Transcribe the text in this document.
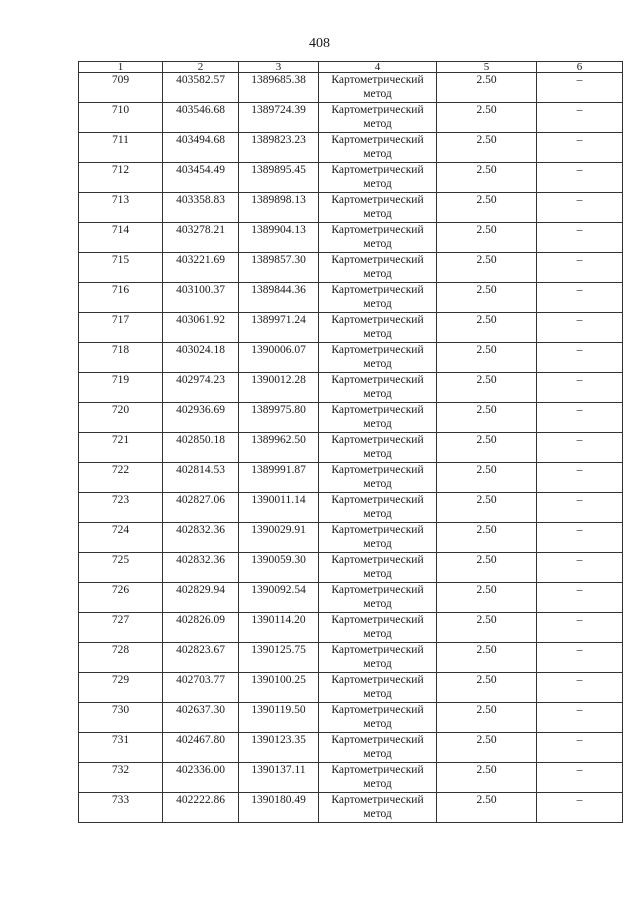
408
1	2	3	4	5	6
709	403582.57	1389685.38	Картометрический
метод	2.50	–
710	403546.68	1389724.39	Картометрический
метод	2.50	–
711	403494.68	1389823.23	Картометрический
метод	2.50	–
712	403454.49	1389895.45	Картометрический
метод	2.50	–
713	403358.83	1389898.13	Картометрический
метод	2.50	–
714	403278.21	1389904.13	Картометрический
метод	2.50	–
715	403221.69	1389857.30	Картометрический
метод	2.50	–
716	403100.37	1389844.36	Картометрический
метод	2.50	–
717	403061.92	1389971.24	Картометрический
метод	2.50	–
718	403024.18	1390006.07	Картометрический
метод	2.50	–
719	402974.23	1390012.28	Картометрический
метод	2.50	–
720	402936.69	1389975.80	Картометрический
метод	2.50	–
721	402850.18	1389962.50	Картометрический
метод	2.50	–
722	402814.53	1389991.87	Картометрический
метод	2.50	–
723	402827.06	1390011.14	Картометрический
метод	2.50	–
724	402832.36	1390029.91	Картометрический
метод	2.50	–
725	402832.36	1390059.30	Картометрический
метод	2.50	–
726	402829.94	1390092.54	Картометрический
метод	2.50	–
727	402826.09	1390114.20	Картометрический
метод	2.50	–
728	402823.67	1390125.75	Картометрический
метод	2.50	–
729	402703.77	1390100.25	Картометрический
метод	2.50	–
730	402637.30	1390119.50	Картометрический
метод	2.50	–
731	402467.80	1390123.35	Картометрический
метод	2.50	–
732	402336.00	1390137.11	Картометрический
метод	2.50	–
733	402222.86	1390180.49	Картометрический
метод	2.50	–
